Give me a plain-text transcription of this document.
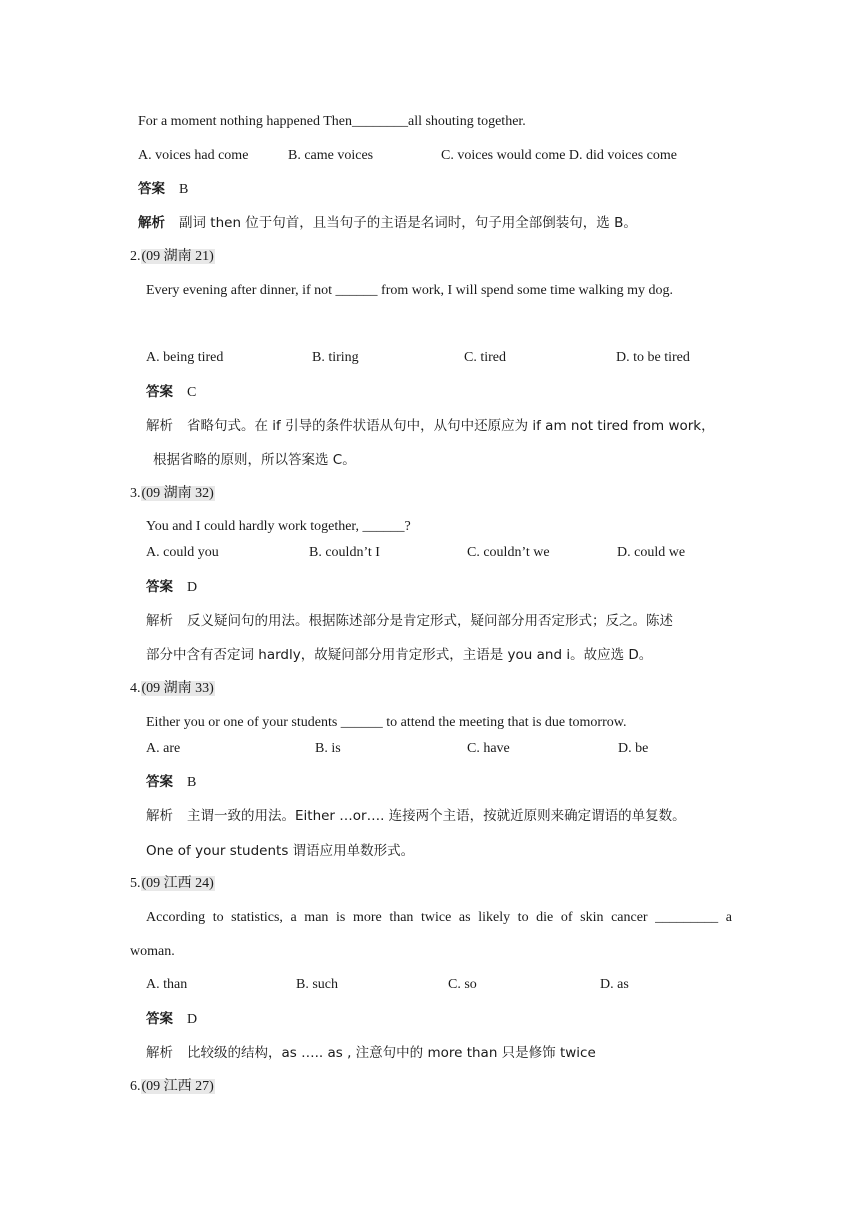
For a moment nothing happened Then________all shouting together.
A. voices had come	B. came voices	C. voices would come D. did voices come
答案 B
解析 副词 then 位于句首，且当句子的主语是名词时，句子用全部倒装句，选 B。
2.(09 湖南 21)
Every evening after dinner, if not ______ from work, I will spend some time walking my dog.
A. being tired	B. tiring	C. tired	D. to be tired
答案 C
解析 省略句式。在 if 引导的条件状语从句中，从句中还原应为 if am not tired from work，
根据省略的原则，所以答案选 C。
3.(09 湖南 32)
You and I could hardly work together, ______?
A. could you	B. couldn’t I	C. couldn’t we	D. could we
答案 D
解析 反义疑问句的用法。根据陈述部分是肯定形式，疑问部分用否定形式；反之。陈述
部分中含有否定词 hardly，故疑问部分用肯定形式，主语是 you and i。故应选 D。
4.(09 湖南 33)
Either you or one of your students ______ to attend the meeting that is due tomorrow.
A. are	B. is	C. have	D. be
答案 B
解析 主谓一致的用法。Either …or…. 连接两个主语，按就近原则来确定谓语的单复数。
One of your students 谓语应用单数形式。
5.(09 江西 24)
According to statistics, a man is more than twice as likely to die of skin cancer _________ a
woman.
A. than	B. such	C. so	D. as
答案 D
解析 比较级的结构，as ….. as , 注意句中的 more than 只是修饰 twice
6.(09 江西 27)
